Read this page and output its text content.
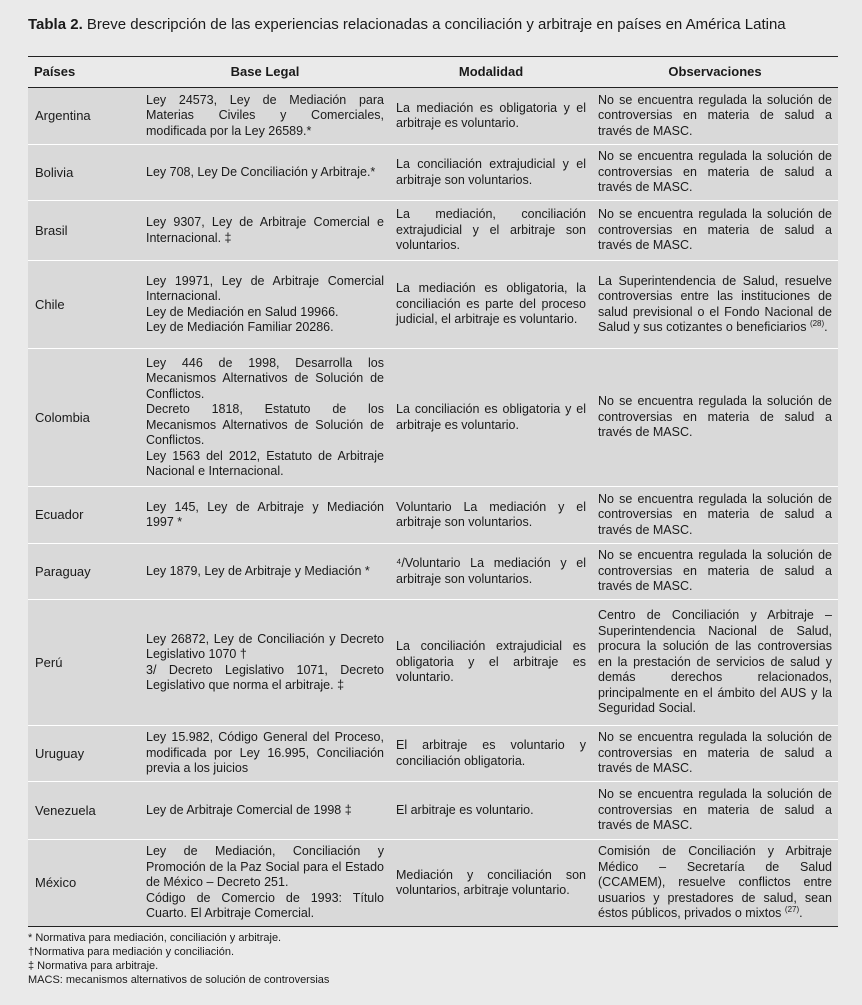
Tabla 2. Breve descripción de las experiencias relacionadas a conciliación y arbitraje en países en América Latina
Países	Base Legal	Modalidad	Observaciones
Argentina	Ley 24573, Ley de Mediación para Materias Civiles y Comerciales, modificada por la Ley 26589.*	La mediación es obligatoria y el arbitraje es voluntario.	No se encuentra regulada la solución de controversias en materia de salud a través de MASC.
Bolivia	Ley 708, Ley De Conciliación y Arbitraje.*	La conciliación extrajudicial y el arbitraje son voluntarios.	No se encuentra regulada la solución de controversias en materia de salud a través de MASC.
Brasil	Ley 9307, Ley de Arbitraje Comercial e Internacional. ‡	La mediación, conciliación extrajudicial y el arbitraje son voluntarios.	No se encuentra regulada la solución de controversias en materia de salud a través de MASC.
Chile	Ley 19971, Ley de Arbitraje Comercial Internacional.
Ley de Mediación en Salud 19966.
Ley de Mediación Familiar 20286.	La mediación es obligatoria, la conciliación es parte del proceso judicial, el arbitraje es voluntario.	La Superintendencia de Salud, resuelve controversias entre las instituciones de salud previsional o el Fondo Nacional de Salud y sus cotizantes o beneficiarios $^{(28)}$.
Colombia	Ley 446 de 1998, Desarrolla los Mecanismos Alternativos de Solución de Conflictos.
Decreto 1818, Estatuto de los Mecanismos Alternativos de Solución de Conflictos.
Ley 1563 del 2012, Estatuto de Arbitraje Nacional e Internacional.	La conciliación es obligatoria y el arbitraje es voluntario.	No se encuentra regulada la solución de controversias en materia de salud a través de MASC.
Ecuador	Ley 145, Ley de Arbitraje y Mediación 1997 *	Voluntario La mediación y el arbitraje son voluntarios.	No se encuentra regulada la solución de controversias en materia de salud a través de MASC.
Paraguay	Ley 1879, Ley de Arbitraje y Mediación *	⁴/Voluntario La mediación y el arbitraje son voluntarios.	No se encuentra regulada la solución de controversias en materia de salud a través de MASC.
Perú	Ley 26872, Ley de Conciliación y Decreto Legislativo 1070 †
3/ Decreto Legislativo 1071, Decreto Legislativo que norma el arbitraje. ‡	La conciliación extrajudicial es obligatoria y el arbitraje es voluntario.	Centro de Conciliación y Arbitraje – Superintendencia Nacional de Salud, procura la solución de las controversias en la prestación de servicios de salud y demás derechos relacionados, principalmente en el ámbito del AUS y la Seguridad Social.
Uruguay	Ley 15.982, Código General del Proceso, modificada por Ley 16.995, Conciliación previa a los juicios	El arbitraje es voluntario y conciliación obligatoria.	No se encuentra regulada la solución de controversias en materia de salud a través de MASC.
Venezuela	Ley de Arbitraje Comercial de 1998 ‡	El arbitraje es voluntario.	No se encuentra regulada la solución de controversias en materia de salud a través de MASC.
México	Ley de Mediación, Conciliación y Promoción de la Paz Social para el Estado de México – Decreto 251.
Código de Comercio de 1993: Título Cuarto. El Arbitraje Comercial.	Mediación y conciliación son voluntarios, arbitraje voluntario.	Comisión de Conciliación y Arbitraje Médico – Secretaría de Salud (CCAMEM), resuelve conflictos entre usuarios y prestadores de salud, sean éstos públicos, privados o mixtos $^{(27)}$.
* Normativa para mediación, conciliación y arbitraje.
†Normativa para mediación y conciliación.
‡ Normativa para arbitraje.
MACS: mecanismos alternativos de solución de controversias
